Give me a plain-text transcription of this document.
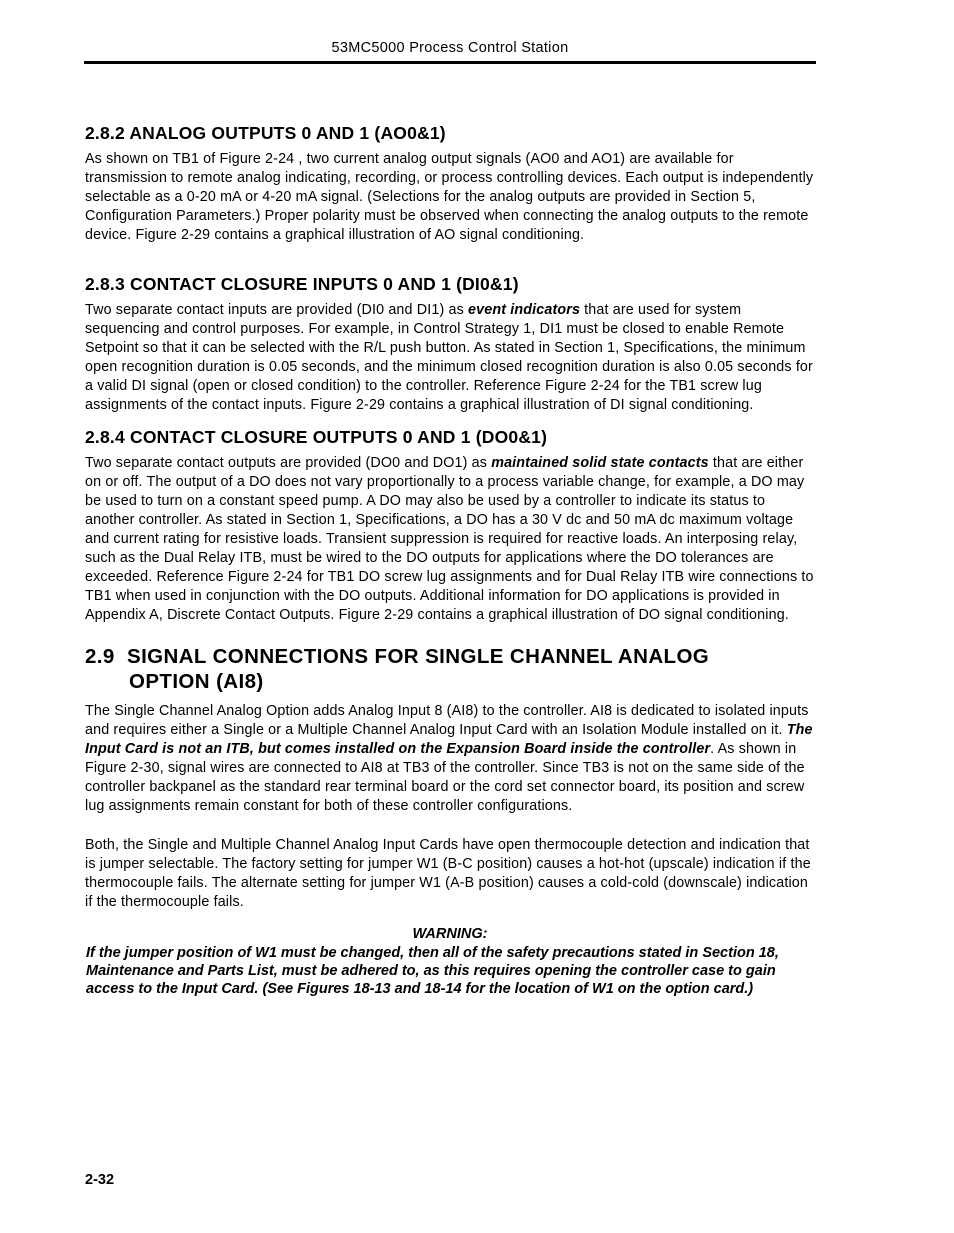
53MC5000 Process Control Station
2.8.2 ANALOG OUTPUTS 0 AND 1 (AO0&1)

As shown on TB1 of Figure 2-24 , two current analog output signals (AO0 and AO1) are available for transmission to remote analog indicating, recording, or process controlling devices. Each output is independently selectable as a 0-20 mA or 4-20 mA signal. (Selections for the analog outputs are provided in Section 5, Configuration Parameters.) Proper polarity must be observed when connecting the analog outputs to the remote device. Figure 2-29 contains a graphical illustration of AO signal conditioning.

2.8.3 CONTACT CLOSURE INPUTS 0 AND 1 (DI0&1)

Two separate contact inputs are provided (DI0 and DI1) as event indicators that are used for system sequencing and control purposes. For example, in Control Strategy 1, DI1 must be closed to enable Remote Setpoint so that it can be selected with the R/L push button. As stated in Section 1, Specifications, the minimum open recognition duration is 0.05 seconds, and the minimum closed recognition duration is also 0.05 seconds for a valid DI signal (open or closed condition) to the controller. Reference Figure 2-24 for the TB1 screw lug assignments of the contact inputs. Figure 2-29 contains a graphical illustration of DI signal conditioning.

2.8.4 CONTACT CLOSURE OUTPUTS 0 AND 1 (DO0&1)

Two separate contact outputs are provided (DO0 and DO1) as maintained solid state contacts that are either on or off. The output of a DO does not vary proportionally to a process variable change, for example, a DO may be used to turn on a constant speed pump. A DO may also be used by a controller to indicate its status to another controller. As stated in Section 1, Specifications, a DO has a 30 V dc and 50 mA dc maximum voltage and current rating for resistive loads. Transient suppression is required for reactive loads. An interposing relay, such as the Dual Relay ITB, must be wired to the DO outputs for applications where the DO tolerances are exceeded. Reference Figure 2-24 for TB1 DO screw lug assignments and for Dual Relay ITB wire connections to TB1 when used in conjunction with the DO outputs. Additional information for DO applications is provided in Appendix A, Discrete Contact Outputs. Figure 2-29 contains a graphical illustration of DO signal conditioning.

2.9 SIGNAL CONNECTIONS FOR SINGLE CHANNEL ANALOG
OPTION (AI8)

The Single Channel Analog Option adds Analog Input 8 (AI8) to the controller. AI8 is dedicated to isolated inputs and requires either a Single or a Multiple Channel Analog Input Card with an Isolation Module installed on it. The Input Card is not an ITB, but comes installed on the Expansion Board inside the controller. As shown in Figure 2-30, signal wires are connected to AI8 at TB3 of the controller. Since TB3 is not on the same side of the controller backpanel as the standard rear terminal board or the cord set connector board, its position and screw lug assignments remain constant for both of these controller configurations.

Both, the Single and Multiple Channel Analog Input Cards have open thermocouple detection and indication that is jumper selectable. The factory setting for jumper W1 (B-C position) causes a hot-hot (upscale) indication if the thermocouple fails. The alternate setting for jumper W1 (A-B position) causes a cold-cold (downscale) indication if the thermocouple fails.

WARNING:
If the jumper position of W1 must be changed, then all of the safety precautions stated in Section 18, Maintenance and Parts List, must be adhered to, as this requires opening the controller case to gain access to the Input Card. (See Figures 18-13 and 18-14 for the location of W1 on the option card.)
2-32
